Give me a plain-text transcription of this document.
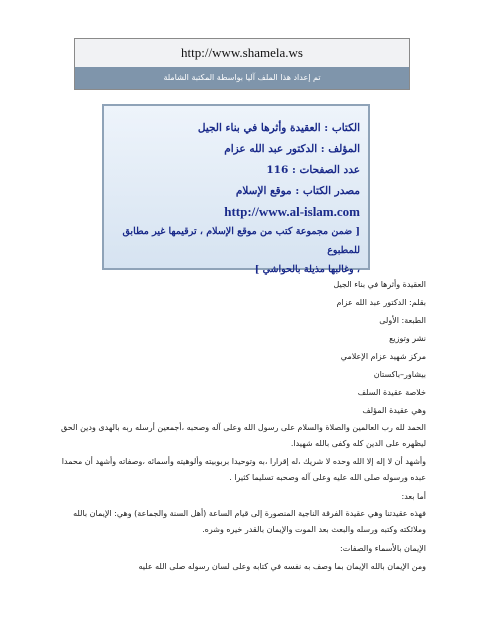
http://www.shamela.ws
تم إعداد هذا الملف آليا بواسطة المكتبة الشاملة
الكتاب : العقيدة وأثرها في بناء الجيل
المؤلف : الدكتور عبد الله عزام
عدد الصفحات : 116
مصدر الكتاب : موقع الإسلام
http://www.al-islam.com
[ ضمن مجموعة كتب من موقع الإسلام ، ترقيمها غير مطابق للمطبوع
، وغالبها مذيلة بالحواشي ]

العقيدة وأثرها في بناء الجيل

بقلم: الدكتور عبد الله عزام

الطبعة: الأولى

نشر وتوزيع

مركز شهيد عزام الإعلامي

بيشاور–باكستان

خلاصة عقيدة السلف

وهي عقيدة المؤلف

الحمد لله رب العالمين والصلاة والسلام على رسول الله وعلى آله وصحبه ،أجمعين أرسله ربه بالهدى ودين الحق ليظهره على الدين كله وكفى بالله شهيدا.

وأشهد أن لا إله إلا الله وحده لا شريك ،له إقرارا ،به وتوحيدا بربوبيته وألوهيته وأسمائه ،وصفاته وأشهد أن محمدا عبده ورسوله صلى الله عليه وعلى آله وصحبه تسليما كثيرا .

أما بعد:

فهذه عقيدتنا وهي عقيدة الفرقة الناجية المنصورة إلى قيام الساعة (أهل السنة والجماعة) وهي: الإيمان بالله وملائكته وكتبه ورسله والبعث بعد الموت والإيمان بالقدر خيره وشره.

الإيمان بالأسماء والصفات:

ومن الإيمان بالله الإيمان بما وصف به نفسه في كتابه وعلى لسان رسوله صلى الله عليه
